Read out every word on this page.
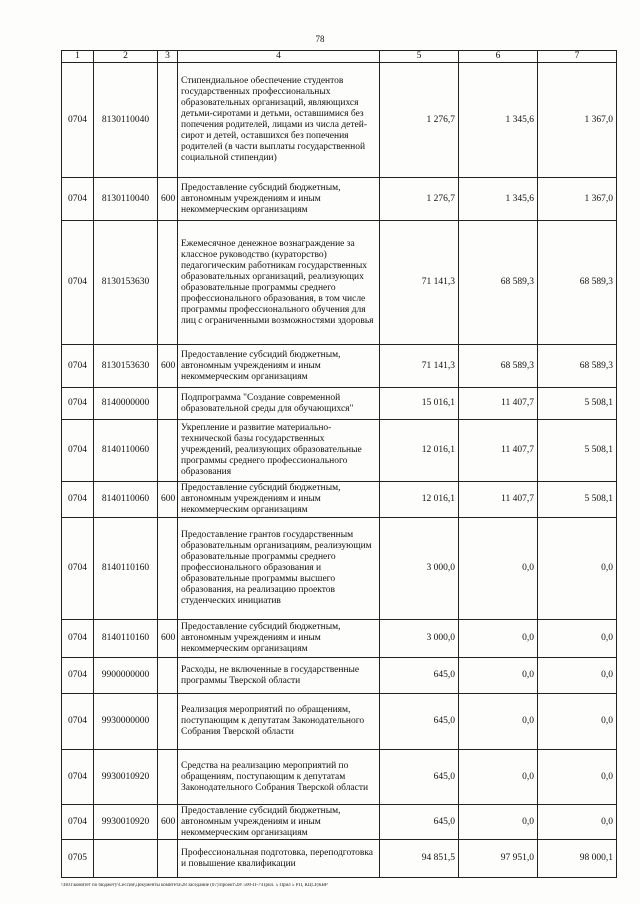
78
1	2	3	4	5	6	7
0704	8130110040		Стипендиальное обеспечение студентов государственных профессиональных образовательных организаций, являющихся детьми-сиротами и детьми, оставшимися без попечения родителей, лицами из числа детей-сирот и детей, оставшихся без попечения родителей (в части выплаты государственной социальной стипендии)	1 276,7	1 345,6	1 367,0
0704	8130110040	600	Предоставление субсидий бюджетным, автономным учреждениям и иным некоммерческим организациям	1 276,7	1 345,6	1 367,0
0704	8130153630		Ежемесячное денежное вознаграждение за классное руководство (кураторство) педагогическим работникам государственных образовательных организаций, реализующих образовательные программы среднего профессионального образования, в том числе программы профессионального обучения для лиц с ограниченными возможностями здоровья	71 141,3	68 589,3	68 589,3
0704	8130153630	600	Предоставление субсидий бюджетным, автономным учреждениям и иным некоммерческим организациям	71 141,3	68 589,3	68 589,3
0704	8140000000		Подпрограмма "Создание современной образовательной среды для обучающихся"	15 016,1	11 407,7	5 508,1
0704	8140110060		Укрепление и развитие материально-технической базы государственных учреждений, реализующих образовательные программы среднего профессионального образования	12 016,1	11 407,7	5 508,1
0704	8140110060	600	Предоставление субсидий бюджетным, автономным учреждениям и иным некоммерческим организациям	12 016,1	11 407,7	5 508,1
0704	8140110160		Предоставление грантов государственным образовательным организациям, реализующим образовательные программы среднего профессионального образования и образовательные программы высшего образования, на реализацию проектов студенческих инициатив	3 000,0	0,0	0,0
0704	8140110160	600	Предоставление субсидий бюджетным, автономным учреждениям и иным некоммерческим организациям	3 000,0	0,0	0,0
0704	9900000000		Расходы, не включенные в государственные программы Тверской области	645,0	0,0	0,0
0704	9930000000		Реализация мероприятий по обращениям, поступающим к депутатам Законодательного Собрания Тверской области	645,0	0,0	0,0
0704	9930010920		Средства на реализацию мероприятий по обращениям, поступающим к депутатам Законодательного Собрания Тверской области	645,0	0,0	0,0
0704	9930010920	600	Предоставление субсидий бюджетным, автономным учреждениям и иным некоммерческим организациям	645,0	0,0	0,0
0705			Профессиональная подготовка, переподготовка и повышение квалификации	94 851,5	97 951,0	98 000,1
\\fs01\комитет по бюджету\Сессии\Документы комитета\28 заседание (07)\проект\28\ 500-П-7\Прил. 5 Прил 5 РП, КЦСР,КВР
